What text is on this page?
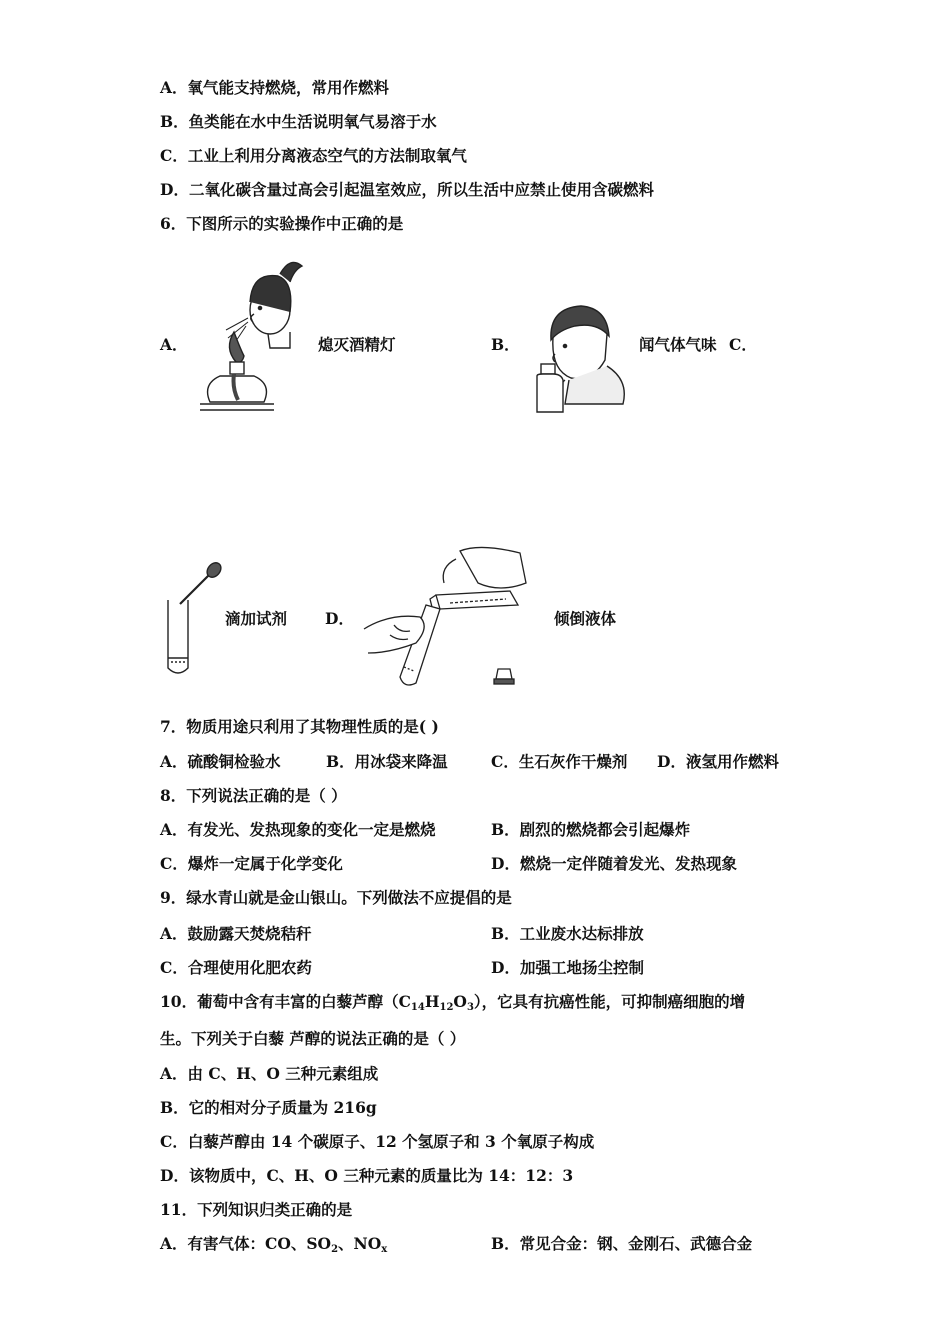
A．氧气能支持燃烧，常用作燃料
B．鱼类能在水中生活说明氧气易溶于水
C．工业上利用分离液态空气的方法制取氧气
D．二氧化碳含量过高会引起温室效应，所以生活中应禁止使用含碳燃料
6．下图所示的实验操作中正确的是
A．	熄灭酒精灯	B．	闻气体气味 C．
滴加试剂 D．	倾倒液体
7．物质用途只利用了其物理性质的是( )
A．硫酸铜检验水	B．用冰袋来降温	C．生石灰作干燥剂 D．液氢用作燃料
8．下列说法正确的是（ ）
A．有发光、发热现象的变化一定是燃烧	B．剧烈的燃烧都会引起爆炸
C．爆炸一定属于化学变化	D．燃烧一定伴随着发光、发热现象
9．绿水青山就是金山银山。下列做法不应提倡的是
A．鼓励露天焚烧秸秆	B．工业废水达标排放
C．合理使用化肥农药	D．加强工地扬尘控制
10．葡萄中含有丰富的白藜芦醇$(C_{14}H_{12}O_3)$，它具有抗癌性能，可抑制癌细胞的增
生。下列关于白藜 芦醇的说法正确的是（ ）
A．由 C、H、O 三种元素组成
B．它的相对分子质量为 216g
C．白藜芦醇由 14 个碳原子、12 个氢原子和 3 个氧原子构成
D．该物质中，C、H、O 三种元素的质量比为 14：12：3
11．下列知识归类正确的是
A．有害气体：CO、$SO_2$、$NO_x$	B．常见合金：钢、金刚石、武德合金
